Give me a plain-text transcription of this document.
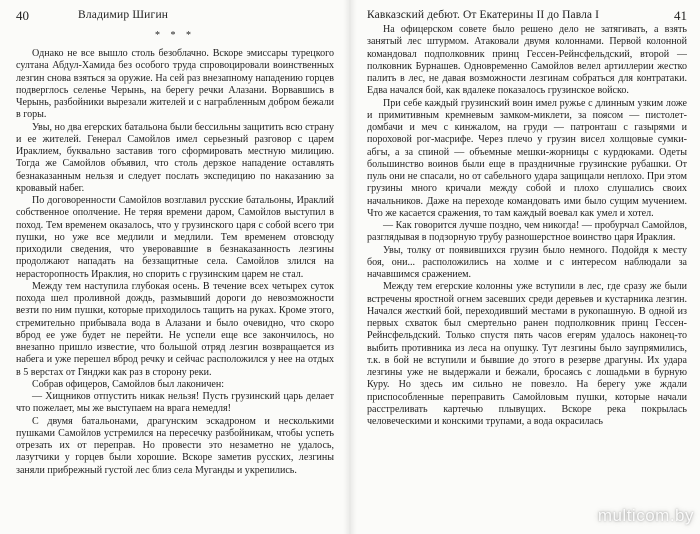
40	Владимир Шигин

* * *

Однако не все вышло столь безоблачно. Вскоре эмиссары турецкого султана Абдул-Хамида без особого труда спровоцировали воинственных лезгин снова взяться за оружие. На сей раз внезапному нападению горцев подверглось селенье Черынь, на берегу речки Алазани. Ворвавшись в Черынь, разбойники вырезали жителей и с награбленным добром бежали в горы.

Увы, но два егерских батальона были бессильны защитить всю страну и ее жителей. Генерал Самойлов имел серьезный разговор с царем Ираклием, буквально заставив того сформировать местную милицию. Тогда же Самойлов объявил, что столь дерзкое нападение оставлять безнаказанным нельзя и следует послать экспедицию по наказанию за кровавый набег.

По договоренности Самойлов возглавил русские батальоны, Ираклий собственное ополчение. Не теряя времени даром, Самойлов выступил в поход. Тем временем оказалось, что у грузинского царя с собой всего три пушки, но уже все медлили и медлили. Тем временем отовсюду приходили сведения, что уверовавшие в безнаказанность лезгины продолжают нападать на беззащитные села. Самойлов злился на нерасторопность Ираклия, но спорить с грузинским царем не стал.

Между тем наступила глубокая осень. В течение всех четырех суток похода шел проливной дождь, размывший дороги до невозможности везти по ним пушки, которые приходилось тащить на руках. Кроме этого, стремительно прибывала вода в Алазани и было очевидно, что скоро вброд ее уже будет не перейти. Не успели еще все закончилось, но внезапно пришло известие, что большой отряд лезгин возвращается из набега и уже перешел вброд речку и сейчас расположился у нее на отдых в 5 верстах от Гянджи как раз в сторону реки.

Собрав офицеров, Самойлов был лаконичен:

— Хищников отпустить никак нельзя! Пусть грузинский царь делает что пожелает, мы же выступаем на врага немедля!

С двумя батальонами, драгунским эскадроном и несколькими пушками Самойлов устремился на пересечку разбойникам, чтобы успеть отрезать их от переправ. Но провести это незаметно не удалось, лазутчики у горцев были хорошие. Вскоре заметив русских, лезгины заняли прибрежный густой лес близ села Муганды и укрепились.

Кавказский дебют. От Екатерины II до Павла I	41

На офицерском совете было решено дело не затягивать, а взять занятый лес штурмом. Атаковали двумя колоннами. Первой колонной командовал подполковник принц Гессен-Рейнсфельдский, второй — полковник Бурнашев. Одновременно Самойлов велел артиллерии жестко палить в лес, не давая возможности лезгинам собраться для контратаки. Едва начался бой, как вдалеке показалось грузинское войско.

При себе каждый грузинский воин имел ружье с длинным узким ложе и примитивным кремневым замком-миклети, за поясом — пистолет-домбачи и меч с кинжалом, на груди — патронташ с газырями и пороховой рог-масрифе. Через плечо у грузин висел холщовые сумки-абгы, а за спиной — объемные мешки-жорницы с курдюками. Одеты большинство воинов были еще в праздничные грузинские рубашки. От пуль они не спасали, но от сабельного удара защищали неплохо. При этом грузины много кричали между собой и плохо слушались своих начальников. Даже на переходе командовать ими было сущим мучением. Что же касается сражения, то там каждый воевал как умел и хотел.

— Как говорится лучше поздно, чем никогда! — пробурчал Самойлов, разглядывая в подзорную трубу разношерстное воинство царя Ираклия.

Увы, толку от появившихся грузин было немного. Подойдя к месту боя, они... расположились на холме и с интересом наблюдали за начавшимся сражением.

Между тем егерские колонны уже вступили в лес, где сразу же были встречены яростной огнем засевших среди деревьев и кустарника лезгин. Начался жесткий бой, переходивший местами в рукопашную. В одной из первых схваток был смертельно ранен подполковник принц Гессен-Рейнсфельдский. Только спустя пять часов егерям удалось наконец-то выбить противника из леса на опушку. Тут лезгины было заупрямились, т.к. в бой не вступили и бывшие до этого в резерве драгуны. Их удара лезгины уже не выдержали и бежали, бросаясь с лошадьми в бурную Куру. Но здесь им сильно не повезло. На берегу уже ждали приспособленные переправить Самойловым пушки, которые начали расстреливать картечью плывущих. Вскоре река покрылась человеческими и конскими трупами, а вода окрасилась

multicom.by
